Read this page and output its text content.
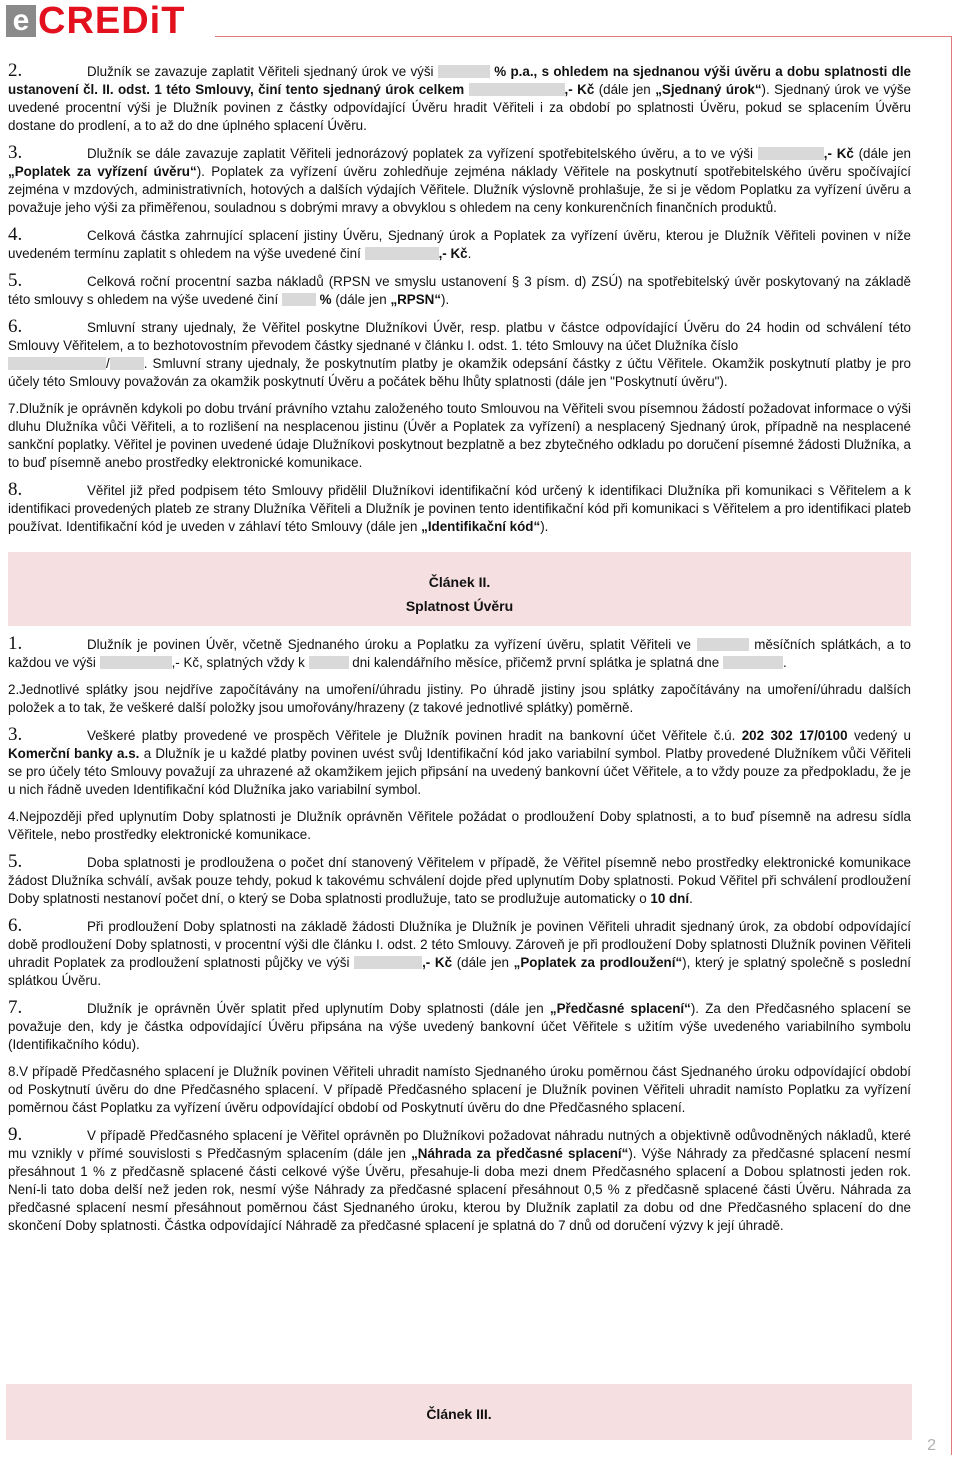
e CREDiT

2.	Dlužník se zavazuje zaplatit Věřiteli sjednaný úrok ve výši	% p.a., s ohledem na sjednanou výši úvěru a dobu splatnosti dle ustanovení čl. II. odst. 1 této Smlouvy, činí tento sjednaný úrok celkem	,- Kč (dále jen „Sjednaný úrok“). Sjednaný úrok ve výše uvedené procentní výši je Dlužník povinen z částky odpovídající Úvěru hradit Věřiteli i za období po splatnosti Úvěru, pokud se splacením Úvěru dostane do prodlení, a to až do dne úplného splacení Úvěru.

3.	Dlužník se dále zavazuje zaplatit Věřiteli jednorázový poplatek za vyřízení spotřebitelského úvěru, a to ve výši	,- Kč (dále jen „Poplatek za vyřízení úvěru“). Poplatek za vyřízení úvěru zohledňuje zejména náklady Věřitele na poskytnutí spotřebitelského úvěru spočívající zejména v mzdových, administrativních, hotových a dalších výdajích Věřitele. Dlužník výslovně prohlašuje, že si je vědom Poplatku za vyřízení úvěru a považuje jeho výši za přiměřenou, souladnou s dobrými mravy a obvyklou s ohledem na ceny konkurenčních finančních produktů.

4.	Celková částka zahrnující splacení jistiny Úvěru, Sjednaný úrok a Poplatek za vyřízení úvěru, kterou je Dlužník Věřiteli povinen v níže uvedeném termínu zaplatit s ohledem na výše uvedené činí	,- Kč.

5.	Celková roční procentní sazba nákladů (RPSN ve smyslu ustanovení § 3 písm. d) ZSÚ) na spotřebitelský úvěr poskytovaný na základě této smlouvy s ohledem na výše uvedené činí	% (dále jen „RPSN“).

6.	Smluvní strany ujednaly, že Věřitel poskytne Dlužníkovi Úvěr, resp. platbu v částce odpovídající Úvěru do 24 hodin od schválení této Smlouvy Věřitelem, a to bezhotovostním převodem částky sjednané v článku I. odst. 1. této Smlouvy na účet Dlužníka číslo
/	. Smluvní strany ujednaly, že poskytnutím platby je okamžik odepsání částky z účtu Věřitele. Okamžik poskytnutí platby je pro účely této Smlouvy považován za okamžik poskytnutí Úvěru a počátek běhu lhůty splatnosti (dále jen "Poskytnutí úvěru").

7.Dlužník je oprávněn kdykoli po dobu trvání právního vztahu založeného touto Smlouvou na Věřiteli svou písemnou žádostí požadovat informace o výši dluhu Dlužníka vůči Věřiteli, a to rozlišení na nesplacenou jistinu (Úvěr a Poplatek za vyřízení) a nesplacený Sjednaný úrok, případně na nesplacené sankční poplatky. Věřitel je povinen uvedené údaje Dlužníkovi poskytnout bezplatně a bez zbytečného odkladu po doručení písemné žádosti Dlužníka, a to buď písemně anebo prostředky elektronické komunikace.

8.	Věřitel již před podpisem této Smlouvy přidělil Dlužníkovi identifikační kód určený k identifikaci Dlužníka při komunikaci s Věřitelem a k identifikaci provedených plateb ze strany Dlužníka Věřiteli a Dlužník je povinen tento identifikační kód při komunikaci s Věřitelem a pro identifikaci plateb používat. Identifikační kód je uveden v záhlaví této Smlouvy (dále jen „Identifikační kód“).

Článek II.
Splatnost Úvěru

1.	Dlužník je povinen Úvěr, včetně Sjednaného úroku a Poplatku za vyřízení úvěru, splatit Věřiteli ve	měsíčních splátkách, a to každou ve výši	,- Kč, splatných vždy k	dni kalendářního měsíce, přičemž první splátka je splatná dne	.

2.Jednotlivé splátky jsou nejdříve započítávány na umoření/úhradu jistiny. Po úhradě jistiny jsou splátky započítávány na umoření/úhradu dalších položek a to tak, že veškeré další položky jsou umořovány/hrazeny (z takové jednotlivé splátky) poměrně.

3.	Veškeré platby provedené ve prospěch Věřitele je Dlužník povinen hradit na bankovní účet Věřitele č.ú. 202 302 17/0100 vedený u Komerční banky a.s. a Dlužník je u každé platby povinen uvést svůj Identifikační kód jako variabilní symbol. Platby provedené Dlužníkem vůči Věřiteli se pro účely této Smlouvy považují za uhrazené až okamžikem jejich připsání na uvedený bankovní účet Věřitele, a to vždy pouze za předpokladu, že je u nich řádně uveden Identifikační kód Dlužníka jako variabilní symbol.

4.Nejpozději před uplynutím Doby splatnosti je Dlužník oprávněn Věřitele požádat o prodloužení Doby splatnosti, a to buď písemně na adresu sídla Věřitele, nebo prostředky elektronické komunikace.

5.	Doba splatnosti je prodloužena o počet dní stanovený Věřitelem v případě, že Věřitel písemně nebo prostředky elektronické komunikace žádost Dlužníka schválí, avšak pouze tehdy, pokud k takovému schválení dojde před uplynutím Doby splatnosti. Pokud Věřitel při schválení prodloužení Doby splatnosti nestanoví počet dní, o který se Doba splatnosti prodlužuje, tato se prodlužuje automaticky o 10 dní.

6.	Při prodloužení Doby splatnosti na základě žádosti Dlužníka je Dlužník je povinen Věřiteli uhradit sjednaný úrok, za období odpovídající době prodloužení Doby splatnosti, v procentní výši dle článku I. odst. 2 této Smlouvy. Zároveň je při prodloužení Doby splatnosti Dlužník povinen Věřiteli uhradit Poplatek za prodloužení splatnosti půjčky ve výši	,- Kč (dále jen „Poplatek za prodloužení“), který je splatný společně s poslední splátkou Úvěru.

7.	Dlužník je oprávněn Úvěr splatit před uplynutím Doby splatnosti (dále jen „Předčasné splacení“). Za den Předčasného splacení se považuje den, kdy je částka odpovídající Úvěru připsána na výše uvedený bankovní účet Věřitele s užitím výše uvedeného variabilního symbolu (Identifikačního kódu).

8.V případě Předčasného splacení je Dlužník povinen Věřiteli uhradit namísto Sjednaného úroku poměrnou část Sjednaného úroku odpovídající období od Poskytnutí úvěru do dne Předčasného splacení. V případě Předčasného splacení je Dlužník povinen Věřiteli uhradit namísto Poplatku za vyřízení poměrnou část Poplatku za vyřízení úvěru odpovídající období od Poskytnutí úvěru do dne Předčasného splacení.

9.	V případě Předčasného splacení je Věřitel oprávněn po Dlužníkovi požadovat náhradu nutných a objektivně odůvodněných nákladů, které mu vznikly v přímé souvislosti s Předčasným splacením (dále jen „Náhrada za předčasné splacení“). Výše Náhrady za předčasné splacení nesmí přesáhnout 1 % z předčasně splacené části celkové výše Úvěru, přesahuje-li doba mezi dnem Předčasného splacení a Dobou splatnosti jeden rok. Není-li tato doba delší než jeden rok, nesmí výše Náhrady za předčasné splacení přesáhnout 0,5 % z předčasně splacené části Úvěru. Náhrada za předčasné splacení nesmí přesáhnout poměrnou část Sjednaného úroku, kterou by Dlužník zaplatil za dobu od dne Předčasného splacení do dne skončení Doby splatnosti. Částka odpovídající Náhradě za předčasné splacení je splatná do 7 dnů od doručení výzvy k její úhradě.

Článek III.
2
